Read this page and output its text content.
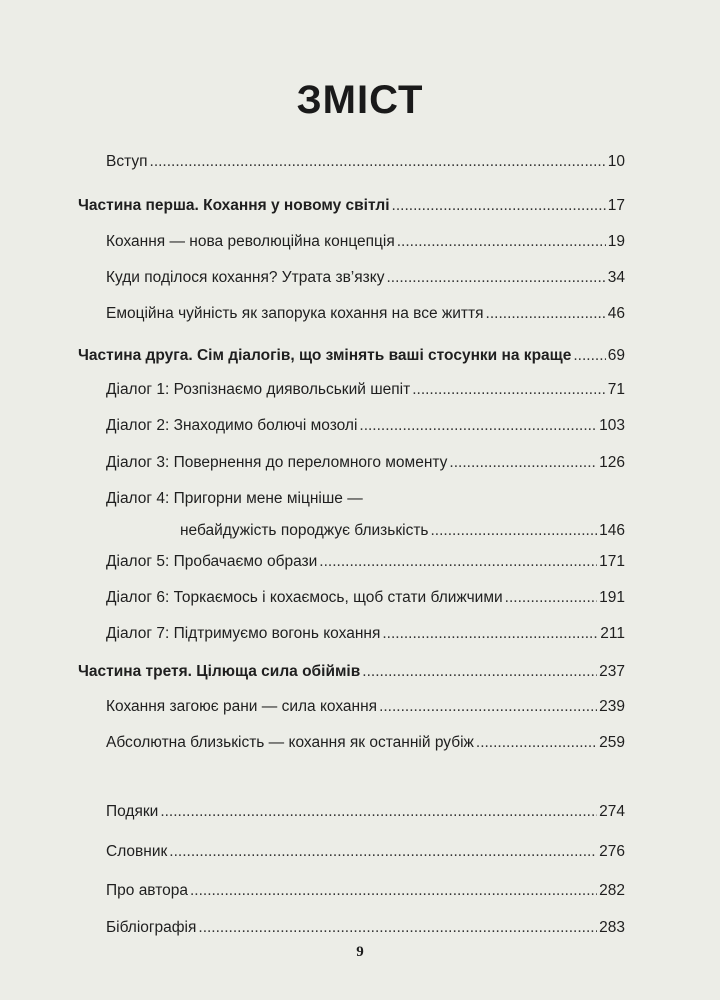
ЗМІСТ
Вступ .....	10
Частина перша. Кохання у новому світлі .....	17
Кохання — нова революційна концепція .....	19
Куди поділося кохання? Утрата зв’язку .....	34
Емоційна чуйність як запорука кохання на все життя .....	46
Частина друга. Сім діалогів, що змінять ваші стосунки на краще ..... 69
Діалог 1: Розпізнаємо диявольський шепіт .....	71
Діалог 2: Знаходимо болючі мозолі .....	103
Діалог 3: Повернення до переломного моменту .....	126
Діалог 4: Пригорни мене міцніше —
небайдужість породжує близькість .....	146
Діалог 5: Пробачаємо образи .....	171
Діалог 6: Торкаємось і кохаємось, щоб стати ближчими .....	191
Діалог 7: Підтримуємо вогонь кохання .....	211
Частина третя. Цілюща сила обіймів .....	237
Кохання загоює рани — сила кохання .....	239
Абсолютна близькість — кохання як останній рубіж .....	259
Подяки .....	274
Словник .....	276
Про автора .....	282
Бібліографія .....	283
9
